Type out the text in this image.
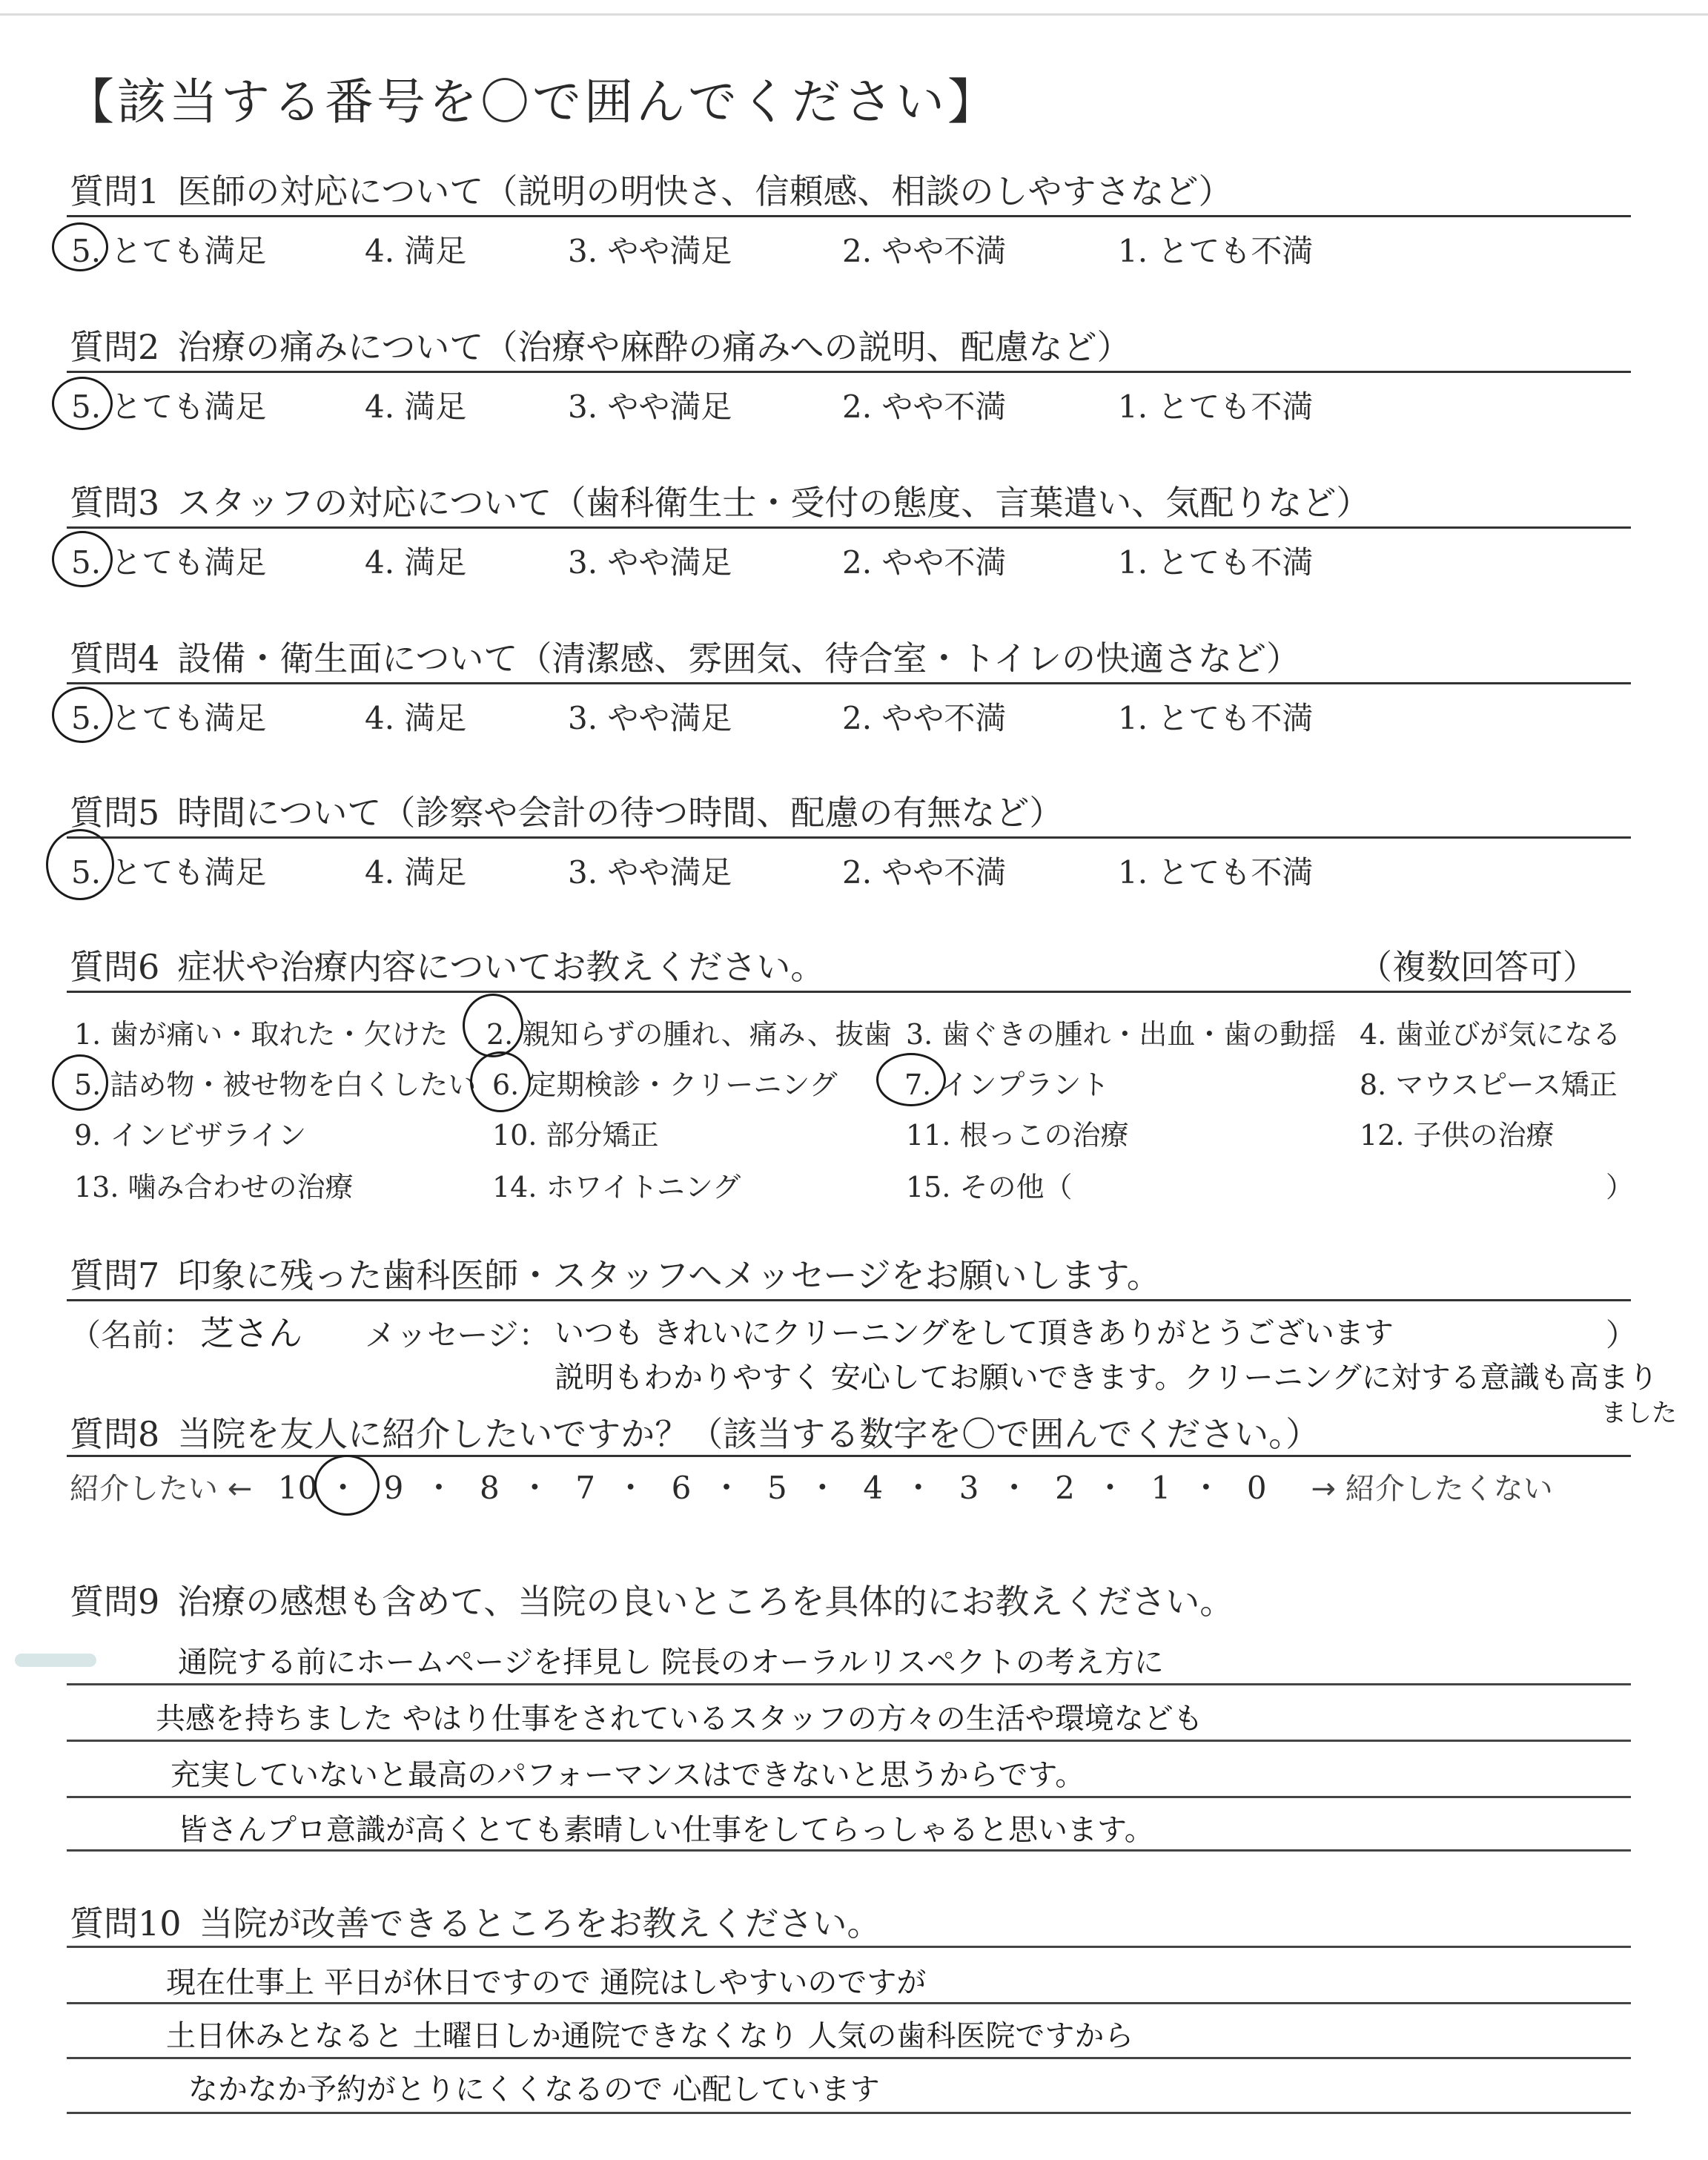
【該当する番号を〇で囲んでください】
質問1 医師の対応について（説明の明快さ、信頼感、相談のしやすさなど）
5. とても満足	4. 満足	3. やや満足	2. やや不満	1. とても不満
質問2 治療の痛みについて（治療や麻酔の痛みへの説明、配慮など）
5. とても満足	4. 満足	3. やや満足	2. やや不満	1. とても不満
質問3 スタッフの対応について（歯科衛生士・受付の態度、言葉遣い、気配りなど）
5. とても満足	4. 満足	3. やや満足	2. やや不満	1. とても不満
質問4 設備・衛生面について（清潔感、雰囲気、待合室・トイレの快適さなど）
5. とても満足	4. 満足	3. やや満足	2. やや不満	1. とても不満
質問5 時間について（診察や会計の待つ時間、配慮の有無など）
5. とても満足	4. 満足	3. やや満足	2. やや不満	1. とても不満
質問6 症状や治療内容についてお教えください。	（複数回答可）
1. 歯が痛い・取れた・欠けた 2. 親知らずの腫れ、痛み、抜歯 3. 歯ぐきの腫れ・出血・歯の動揺 4. 歯並びが気になる
5. 詰め物・被せ物を白くしたい 6. 定期検診・クリーニング 7. インプラント	8. マウスピース矯正
9. インビザライン	10. 部分矯正	11. 根っこの治療	12. 子供の治療
13. 噛み合わせの治療	14. ホワイトニング	15. その他（	）
質問7 印象に残った歯科医師・スタッフへメッセージをお願いします。
（名前： 芝さん メッセージ： いつも きれいにクリーニングをして頂きありがとうございます	）
説明もわかりやすく 安心してお願いできます。クリーニングに対する意識も高まり
ました
質問8 当院を友人に紹介したいですか？（該当する数字を〇で囲んでください。）
紹介したい ← 10 ・ 9 ・ 8 ・ 7 ・ 6 ・ 5 ・ 4 ・ 3 ・ 2 ・ 1 ・ 0 → 紹介したくない
質問9 治療の感想も含めて、当院の良いところを具体的にお教えください。
通院する前にホームページを拝見し 院長のオーラルリスペクトの考え方に
共感を持ちました やはり仕事をされているスタッフの方々の生活や環境なども
充実していないと最高のパフォーマンスはできないと思うからです。
皆さんプロ意識が高くとても素晴しい仕事をしてらっしゃると思います。
質問10 当院が改善できるところをお教えください。
現在仕事上 平日が休日ですので 通院はしやすいのですが
土日休みとなると 土曜日しか通院できなくなり 人気の歯科医院ですから
なかなか予約がとりにくくなるので 心配しています
